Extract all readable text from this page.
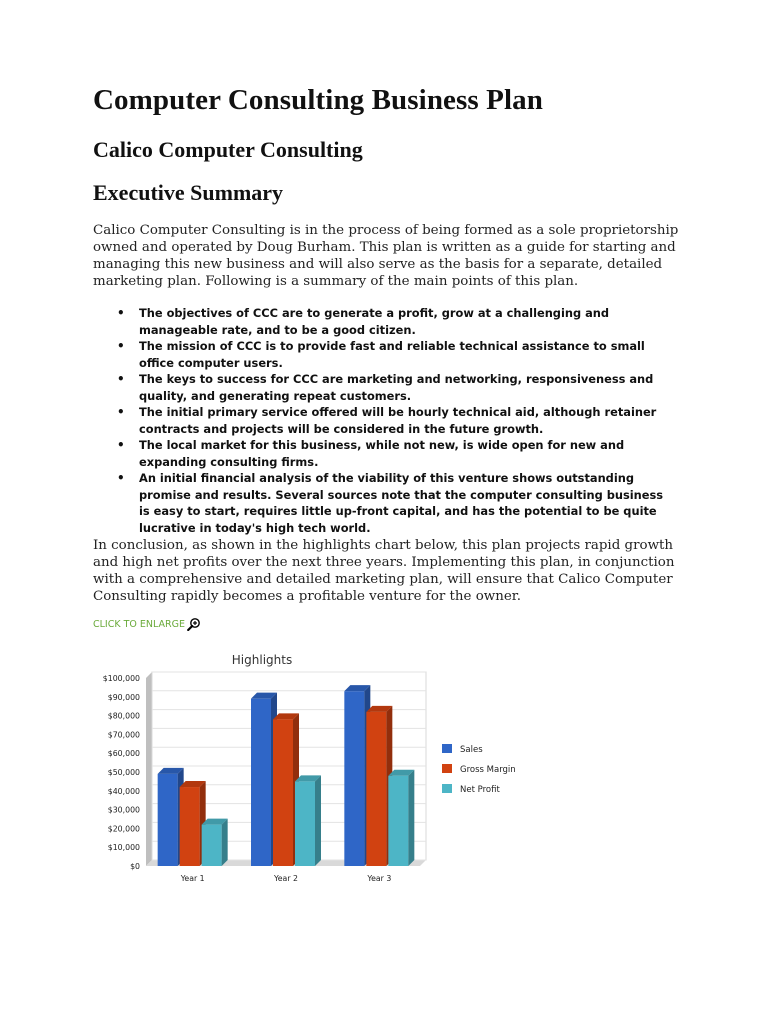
Computer Consulting Business Plan
Calico Computer Consulting
Executive Summary

Calico Computer Consulting is in the process of being formed as a sole proprietorship owned and operated by Doug Burham. This plan is written as a guide for starting and managing this new business and will also serve as the basis for a separate, detailed marketing plan. Following is a summary of the main points of this plan.

• The objectives of CCC are to generate a profit, grow at a challenging and manageable rate, and to be a good citizen.
• The mission of CCC is to provide fast and reliable technical assistance to small office computer users.
• The keys to success for CCC are marketing and networking, responsiveness and quality, and generating repeat customers.
• The initial primary service offered will be hourly technical aid, although retainer contracts and projects will be considered in the future growth.
• The local market for this business, while not new, is wide open for new and expanding consulting firms.
• An initial financial analysis of the viability of this venture shows outstanding promise and results. Several sources note that the computer consulting business is easy to start, requires little up-front capital, and has the potential to be quite lucrative in today's high tech world.

In conclusion, as shown in the highlights chart below, this plan projects rapid growth and high net profits over the next three years. Implementing this plan, in conjunction with a comprehensive and detailed marketing plan, will ensure that Calico Computer Consulting rapidly becomes a profitable venture for the owner.

CLICK TO ENLARGE
Highlights
$0
$10,000
$20,000
$30,000
$40,000
$50,000
$60,000
$70,000
$80,000
$90,000
$100,000
Year 1	Year 2	Year 3
Sales
Gross Margin
Net Profit
